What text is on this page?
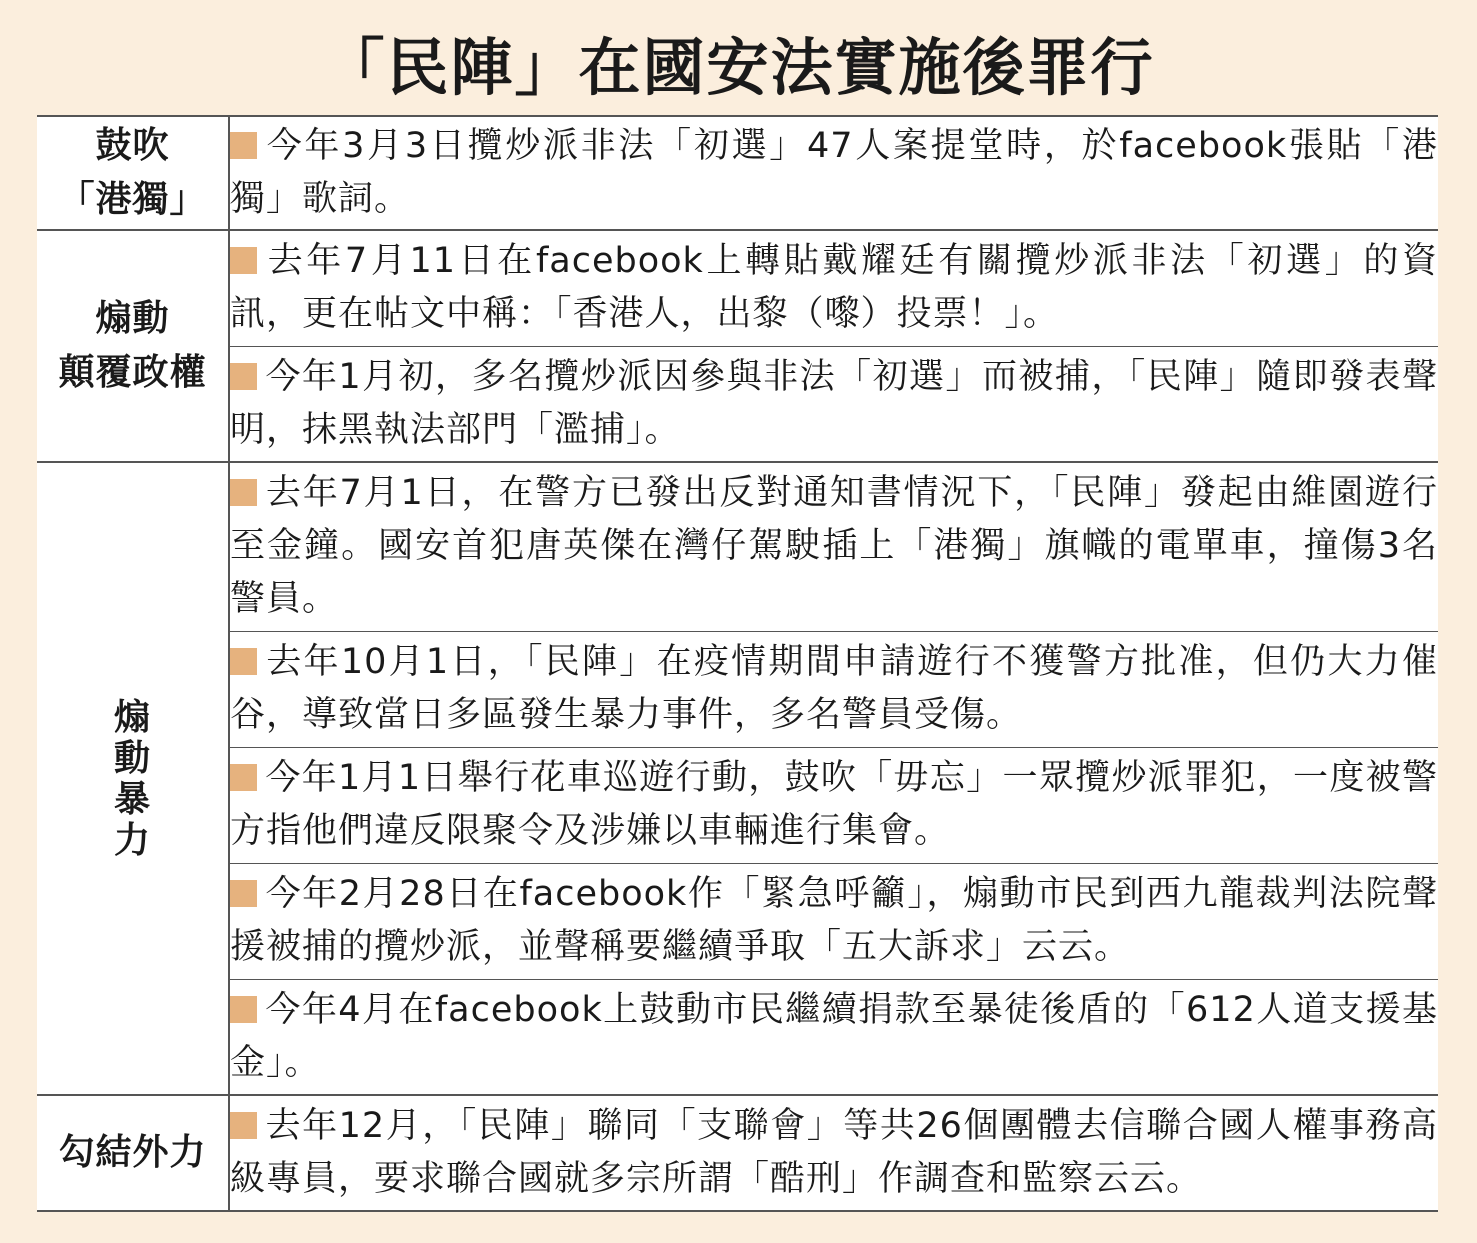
「民陣」在國安法實施後罪行
鼓吹
「港獨」	今年3月3日攬炒派非法「初選」47人案提堂時，於facebook張貼「港獨」歌詞。

煽動
顛覆政權	去年7月11日在facebook上轉貼戴耀廷有關攬炒派非法「初選」的資訊，更在帖文中稱：「香港人，出黎（嚟）投票！」。
	今年1月初，多名攬炒派因參與非法「初選」而被捕，「民陣」隨即發表聲明，抹黑執法部門「濫捕」。

煽
動
暴
力	去年7月1日，在警方已發出反對通知書情況下，「民陣」發起由維園遊行至金鐘。國安首犯唐英傑在灣仔駕駛插上「港獨」旗幟的電單車，撞傷3名警員。
	去年10月1日，「民陣」在疫情期間申請遊行不獲警方批准，但仍大力催谷，導致當日多區發生暴力事件，多名警員受傷。
	今年1月1日舉行花車巡遊行動，鼓吹「毋忘」一眾攬炒派罪犯，一度被警方指他們違反限聚令及涉嫌以車輛進行集會。
	今年2月28日在facebook作「緊急呼籲」，煽動市民到西九龍裁判法院聲援被捕的攬炒派，並聲稱要繼續爭取「五大訴求」云云。
	今年4月在facebook上鼓動市民繼續捐款至暴徒後盾的「612人道支援基金」。

勾結外力	去年12月，「民陣」聯同「支聯會」等共26個團體去信聯合國人權事務高級專員，要求聯合國就多宗所謂「酷刑」作調查和監察云云。
